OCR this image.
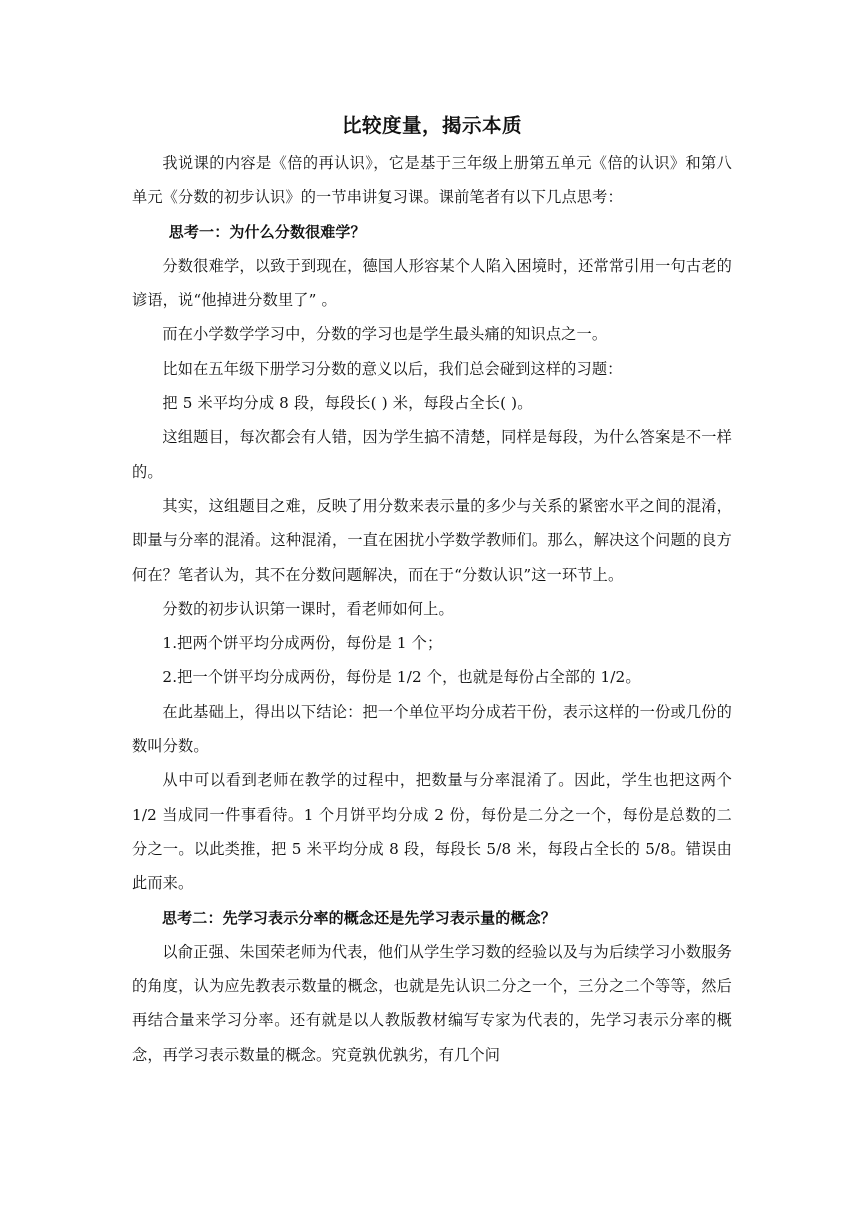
比较度量，揭示本质

我说课的内容是《倍的再认识》，它是基于三年级上册第五单元《倍的认识》和第八单元《分数的初步认识》的一节串讲复习课。课前笔者有以下几点思考：

思考一：为什么分数很难学？

分数很难学，以致于到现在，德国人形容某个人陷入困境时，还常常引用一句古老的谚语，说“他掉进分数里了” 。

而在小学数学学习中，分数的学习也是学生最头痛的知识点之一。

比如在五年级下册学习分数的意义以后，我们总会碰到这样的习题：

把 5 米平均分成 8 段，每段长( ) 米，每段占全长( )。

这组题目，每次都会有人错，因为学生搞不清楚，同样是每段，为什么答案是不一样的。

其实，这组题目之难，反映了用分数来表示量的多少与关系的紧密水平之间的混淆，即量与分率的混淆。这种混淆，一直在困扰小学数学教师们。那么，解决这个问题的良方何在？笔者认为，其不在分数问题解决，而在于“分数认识”这一环节上。

分数的初步认识第一课时，看老师如何上。

1.把两个饼平均分成两份，每份是 1 个；

2.把一个饼平均分成两份，每份是 1/2 个，也就是每份占全部的 1/2。

在此基础上，得出以下结论：把一个单位平均分成若干份，表示这样的一份或几份的数叫分数。

从中可以看到老师在教学的过程中，把数量与分率混淆了。因此，学生也把这两个 1/2 当成同一件事看待。1 个月饼平均分成 2 份，每份是二分之一个，每份是总数的二分之一。以此类推，把 5 米平均分成 8 段，每段长 5/8 米，每段占全长的 5/8。错误由此而来。

思考二：先学习表示分率的概念还是先学习表示量的概念？

以俞正强、朱国荣老师为代表，他们从学生学习数的经验以及与为后续学习小数服务的角度，认为应先教表示数量的概念，也就是先认识二分之一个，三分之二个等等，然后再结合量来学习分率。还有就是以人教版教材编写专家为代表的，先学习表示分率的概念，再学习表示数量的概念。究竟孰优孰劣，有几个问
